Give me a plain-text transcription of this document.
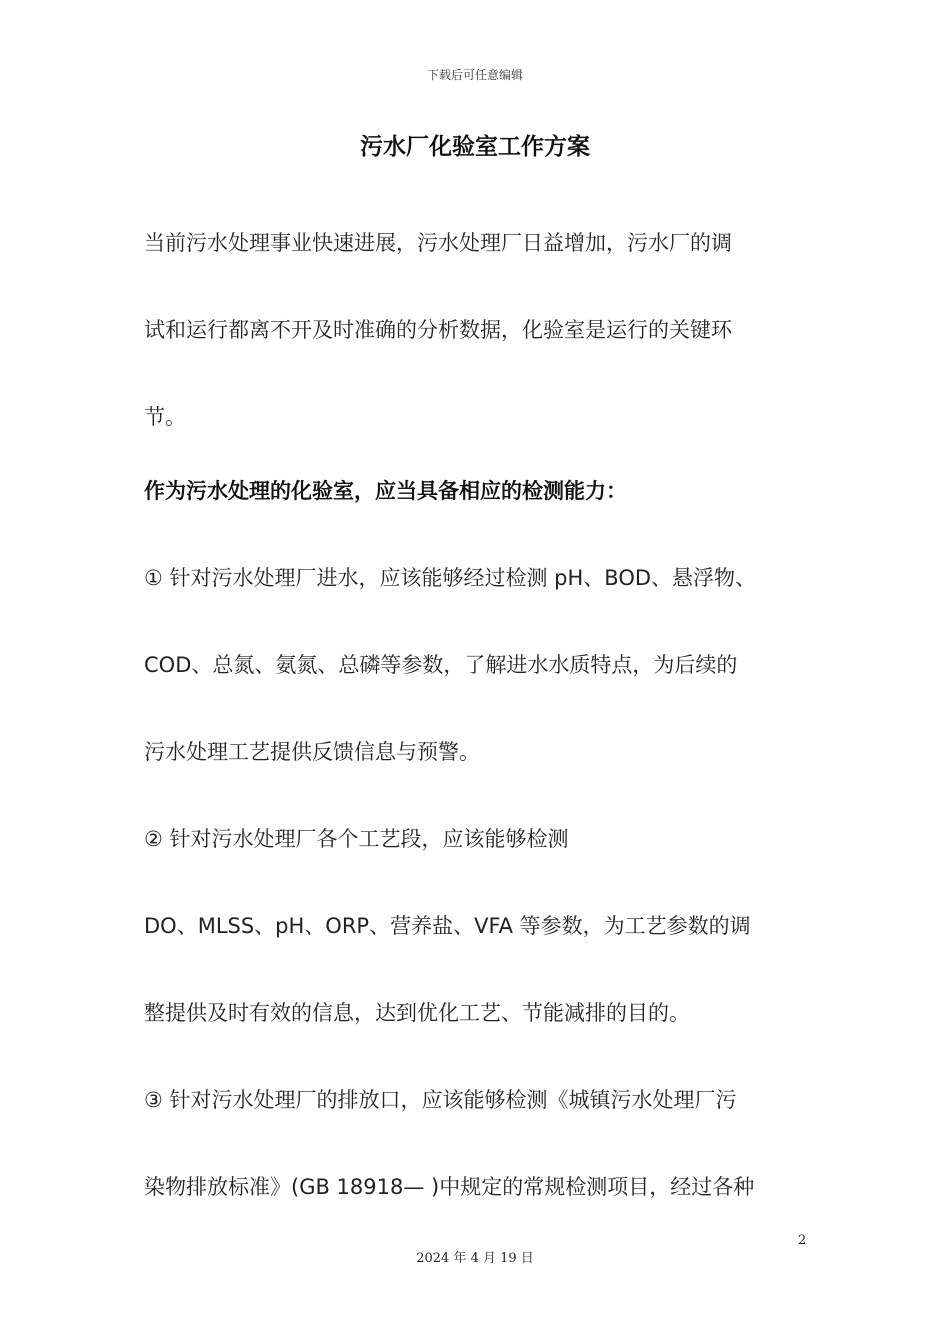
下载后可任意编辑
污水厂化验室工作方案
当前污水处理事业快速进展，污水处理厂日益增加，污水厂的调
试和运行都离不开及时准确的分析数据，化验室是运行的关键环
节。
作为污水处理的化验室，应当具备相应的检测能力：
① 针对污水处理厂进水，应该能够经过检测 pH、BOD、悬浮物、
COD、总氮、氨氮、总磷等参数，了解进水水质特点，为后续的
污水处理工艺提供反馈信息与预警。
② 针对污水处理厂各个工艺段，应该能够检测
DO、MLSS、pH、ORP、营养盐、VFA 等参数，为工艺参数的调
整提供及时有效的信息，达到优化工艺、节能减排的目的。
③ 针对污水处理厂的排放口，应该能够检测《城镇污水处理厂污
染物排放标准》(GB 18918— )中规定的常规检测项目，经过各种
2
2024 年 4 月 19 日
